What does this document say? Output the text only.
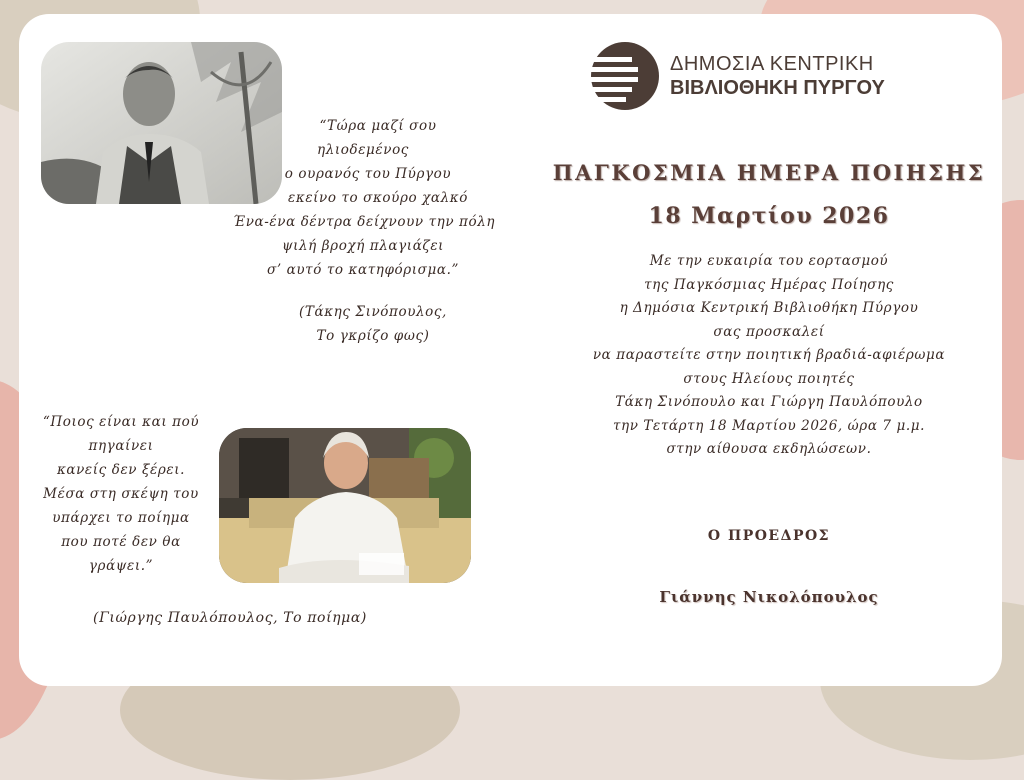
“Τώρα μαζί σου
ηλιοδεμένος
ο ουρανός του Πύργου
εκείνο το σκούρο χαλκό
Ένα-ένα δέντρα δείχνουν την πόλη
ψιλή βροχή πλαγιάζει
σ’ αυτό το κατηφόρισμα.”
(Τάκης Σινόπουλος,
Το γκρίζο φως)
“Ποιος είναι και πού
πηγαίνει
κανείς δεν ξέρει.
Μέσα στη σκέψη του
υπάρχει το ποίημα
που ποτέ δεν θα
γράψει.”
(Γιώργης Παυλόπουλος, Το ποίημα)
ΔΗΜΟΣΙΑ ΚΕΝΤΡΙΚΗ
ΒΙΒΛΙΟΘΗΚΗ ΠΥΡΓΟΥ
ΠΑΓΚΟΣΜΙΑ ΗΜΕΡΑ ΠΟΙΗΣΗΣ
18 Μαρτίου 2026
Με την ευκαιρία του εορτασμού
της Παγκόσμιας Ημέρας Ποίησης
η Δημόσια Κεντρική Βιβλιοθήκη Πύργου
σας προσκαλεί
να παραστείτε στην ποιητική βραδιά-αφιέρωμα
στους Ηλείους ποιητές
Τάκη Σινόπουλο και Γιώργη Παυλόπουλο
την Τετάρτη 18 Μαρτίου 2026, ώρα 7 μ.μ.
στην αίθουσα εκδηλώσεων.
Ο ΠΡΟΕΔΡΟΣ
Γιάννης Νικολόπουλος
